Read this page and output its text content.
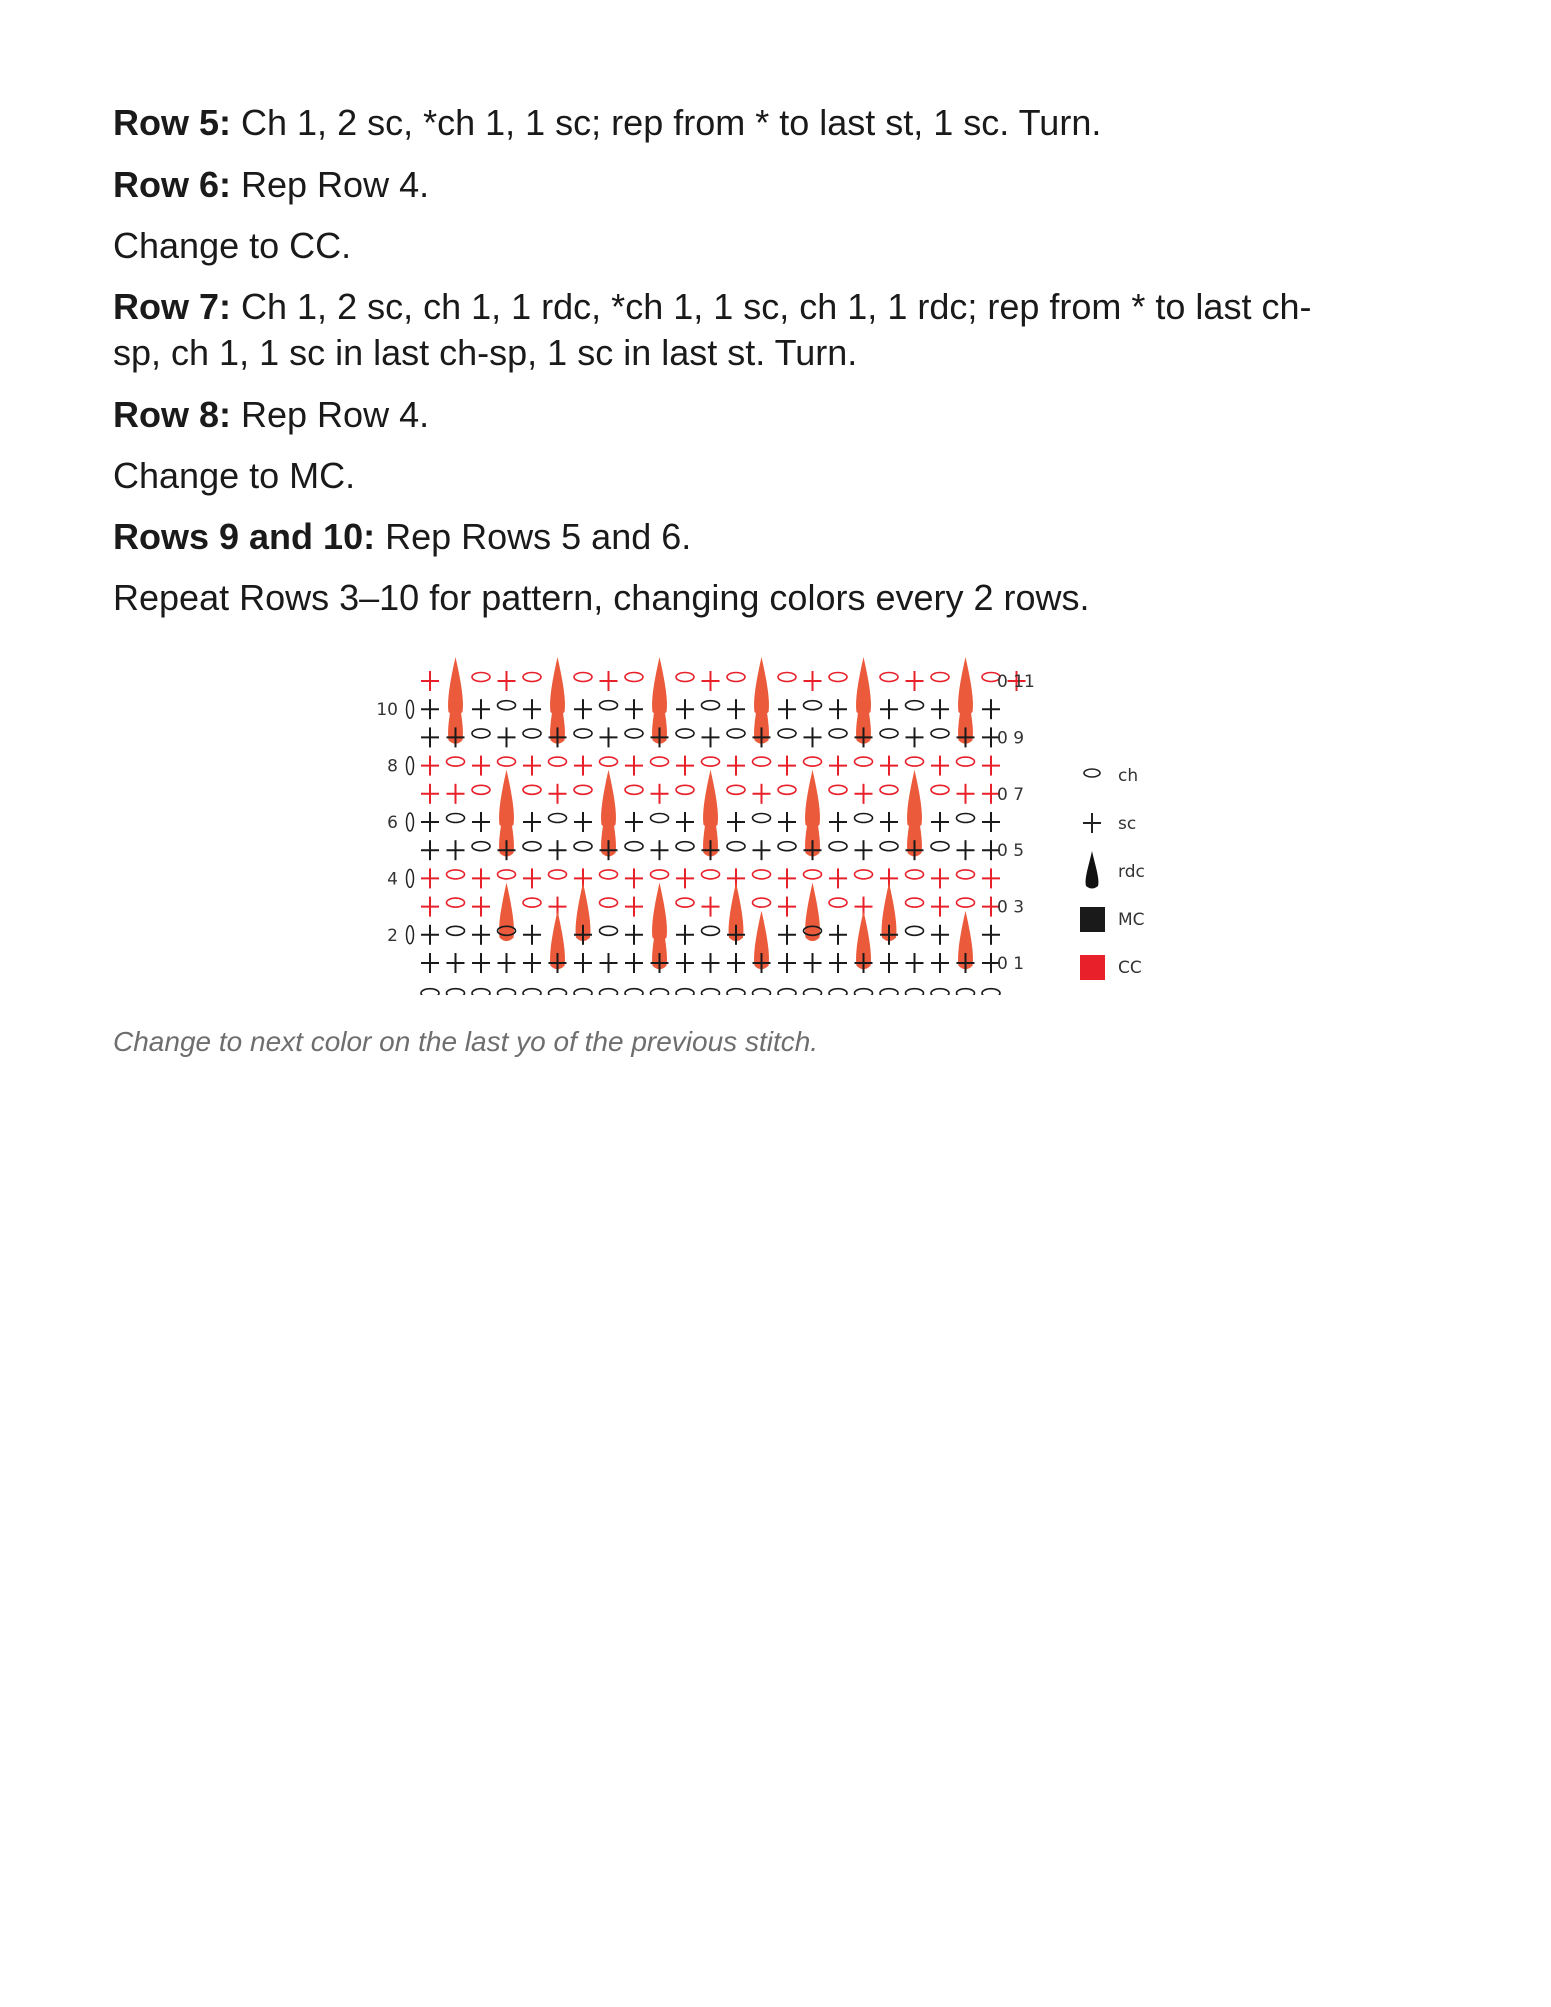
Row 5: Ch 1, 2 sc, *ch 1, 1 sc; rep from * to last st, 1 sc. Turn.
Row 6: Rep Row 4.
Change to CC.
Row 7: Ch 1, 2 sc, ch 1, 1 rdc, *ch 1, 1 sc, ch 1, 1 rdc; rep from * to last ch-
sp, ch 1, 1 sc in last ch-sp, 1 sc in last st. Turn.
Row 8: Rep Row 4.
Change to MC.
Rows 9 and 10: Rep Rows 5 and 6.
Repeat Rows 3–10 for pattern, changing colors every 2 rows.
10
8
6
4
2
0 11
0 9
0 7
0 5
0 3
0 1
ch
sc
rdc
MC
CC
Change to next color on the last yo of the previous stitch.
